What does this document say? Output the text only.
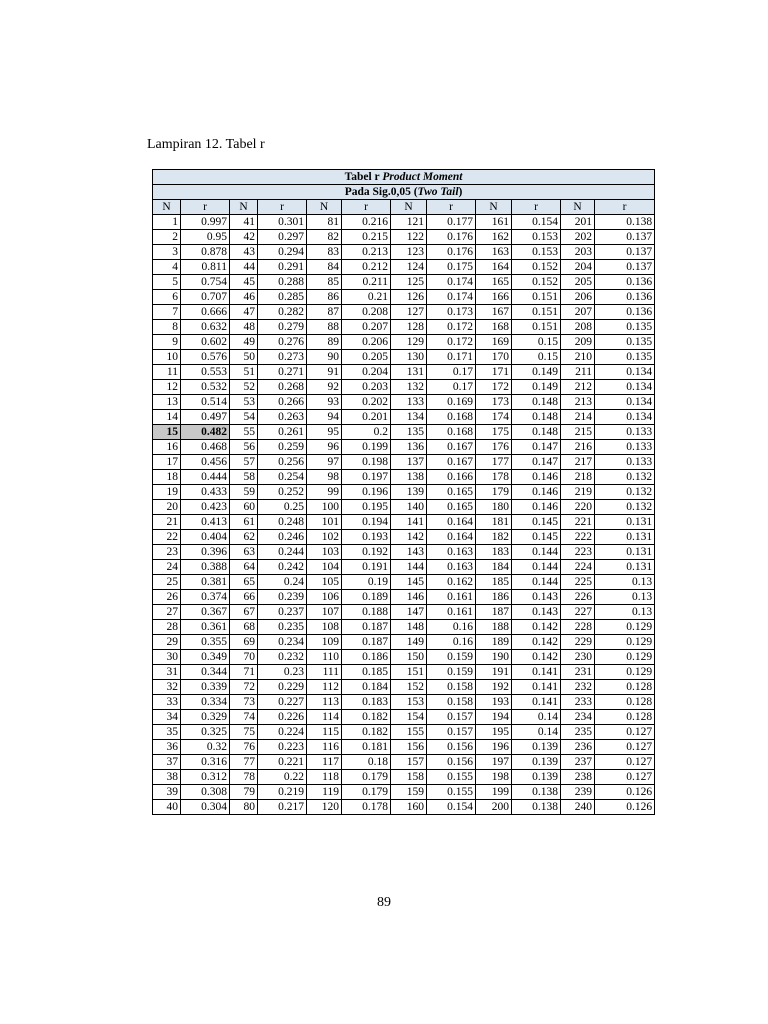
Lampiran 12. Tabel r
Tabel r Product Moment											
Pada Sig.0,05 (Two Tail)											
N	r	N	r	N	r	N	r	N	r	N	r
1	0.997	41	0.301	81	0.216	121	0.177	161	0.154	201	0.138
2	0.95	42	0.297	82	0.215	122	0.176	162	0.153	202	0.137
3	0.878	43	0.294	83	0.213	123	0.176	163	0.153	203	0.137
4	0.811	44	0.291	84	0.212	124	0.175	164	0.152	204	0.137
5	0.754	45	0.288	85	0.211	125	0.174	165	0.152	205	0.136
6	0.707	46	0.285	86	0.21	126	0.174	166	0.151	206	0.136
7	0.666	47	0.282	87	0.208	127	0.173	167	0.151	207	0.136
8	0.632	48	0.279	88	0.207	128	0.172	168	0.151	208	0.135
9	0.602	49	0.276	89	0.206	129	0.172	169	0.15	209	0.135
10	0.576	50	0.273	90	0.205	130	0.171	170	0.15	210	0.135
11	0.553	51	0.271	91	0.204	131	0.17	171	0.149	211	0.134
12	0.532	52	0.268	92	0.203	132	0.17	172	0.149	212	0.134
13	0.514	53	0.266	93	0.202	133	0.169	173	0.148	213	0.134
14	0.497	54	0.263	94	0.201	134	0.168	174	0.148	214	0.134
15	0.482	55	0.261	95	0.2	135	0.168	175	0.148	215	0.133
16	0.468	56	0.259	96	0.199	136	0.167	176	0.147	216	0.133
17	0.456	57	0.256	97	0.198	137	0.167	177	0.147	217	0.133
18	0.444	58	0.254	98	0.197	138	0.166	178	0.146	218	0.132
19	0.433	59	0.252	99	0.196	139	0.165	179	0.146	219	0.132
20	0.423	60	0.25	100	0.195	140	0.165	180	0.146	220	0.132
21	0.413	61	0.248	101	0.194	141	0.164	181	0.145	221	0.131
22	0.404	62	0.246	102	0.193	142	0.164	182	0.145	222	0.131
23	0.396	63	0.244	103	0.192	143	0.163	183	0.144	223	0.131
24	0.388	64	0.242	104	0.191	144	0.163	184	0.144	224	0.131
25	0.381	65	0.24	105	0.19	145	0.162	185	0.144	225	0.13
26	0.374	66	0.239	106	0.189	146	0.161	186	0.143	226	0.13
27	0.367	67	0.237	107	0.188	147	0.161	187	0.143	227	0.13
28	0.361	68	0.235	108	0.187	148	0.16	188	0.142	228	0.129
29	0.355	69	0.234	109	0.187	149	0.16	189	0.142	229	0.129
30	0.349	70	0.232	110	0.186	150	0.159	190	0.142	230	0.129
31	0.344	71	0.23	111	0.185	151	0.159	191	0.141	231	0.129
32	0.339	72	0.229	112	0.184	152	0.158	192	0.141	232	0.128
33	0.334	73	0.227	113	0.183	153	0.158	193	0.141	233	0.128
34	0.329	74	0.226	114	0.182	154	0.157	194	0.14	234	0.128
35	0.325	75	0.224	115	0.182	155	0.157	195	0.14	235	0.127
36	0.32	76	0.223	116	0.181	156	0.156	196	0.139	236	0.127
37	0.316	77	0.221	117	0.18	157	0.156	197	0.139	237	0.127
38	0.312	78	0.22	118	0.179	158	0.155	198	0.139	238	0.127
39	0.308	79	0.219	119	0.179	159	0.155	199	0.138	239	0.126
40	0.304	80	0.217	120	0.178	160	0.154	200	0.138	240	0.126
89
